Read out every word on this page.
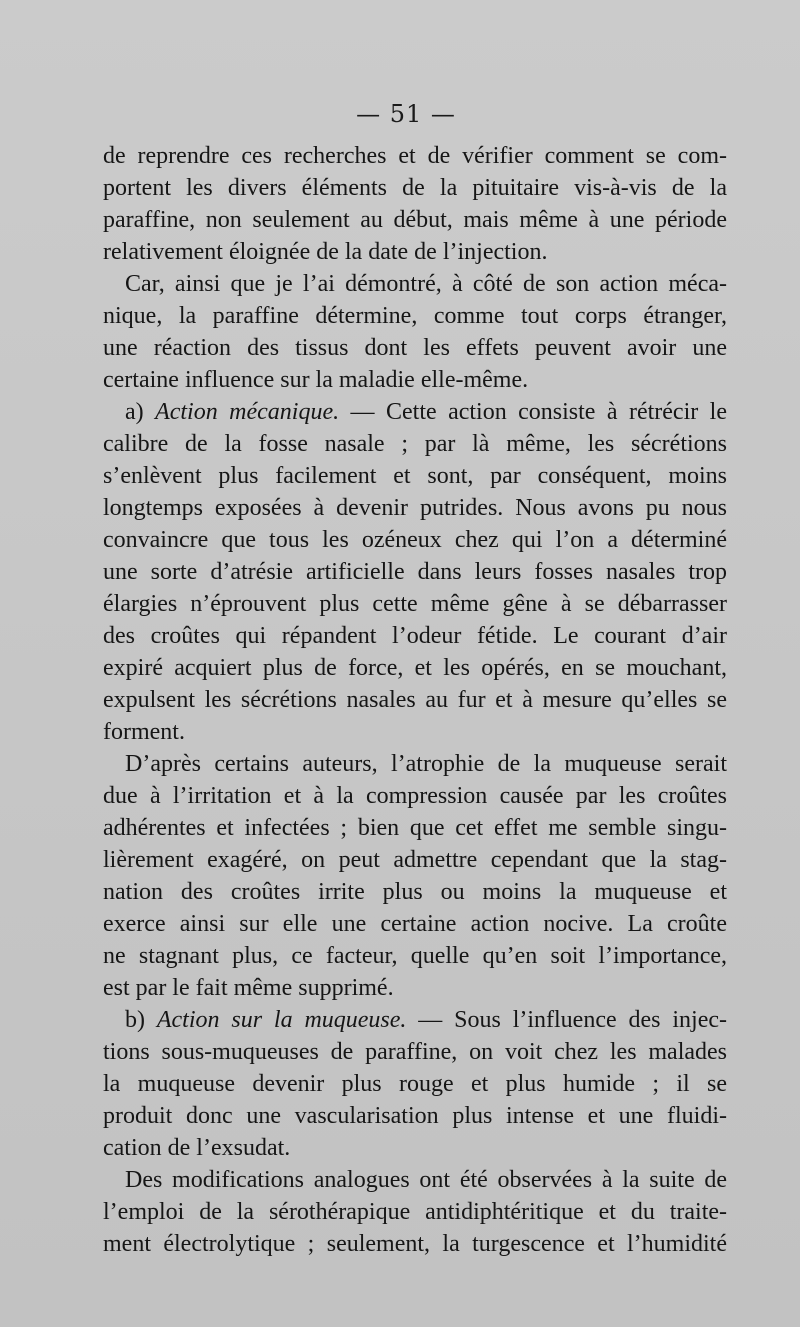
— 51 —
de reprendre ces recherches et de vérifier comment se com-
portent les divers éléments de la pituitaire vis-à-vis de la
paraffine, non seulement au début, mais même à une période
relativement éloignée de la date de l’injection.
Car, ainsi que je l’ai démontré, à côté de son action méca-
nique, la paraffine détermine, comme tout corps étranger,
une réaction des tissus dont les effets peuvent avoir une
certaine influence sur la maladie elle-même.
a) Action mécanique. — Cette action consiste à rétrécir le
calibre de la fosse nasale ; par là même, les sécrétions
s’enlèvent plus facilement et sont, par conséquent, moins
longtemps exposées à devenir putrides. Nous avons pu nous
convaincre que tous les ozéneux chez qui l’on a déterminé
une sorte d’atrésie artificielle dans leurs fosses nasales trop
élargies n’éprouvent plus cette même gêne à se débarrasser
des croûtes qui répandent l’odeur fétide. Le courant d’air
expiré acquiert plus de force, et les opérés, en se mouchant,
expulsent les sécrétions nasales au fur et à mesure qu’elles se
forment.
D’après certains auteurs, l’atrophie de la muqueuse serait
due à l’irritation et à la compression causée par les croûtes
adhérentes et infectées ; bien que cet effet me semble singu-
lièrement exagéré, on peut admettre cependant que la stag-
nation des croûtes irrite plus ou moins la muqueuse et
exerce ainsi sur elle une certaine action nocive. La croûte
ne stagnant plus, ce facteur, quelle qu’en soit l’importance,
est par le fait même supprimé.
b) Action sur la muqueuse. — Sous l’influence des injec-
tions sous-muqueuses de paraffine, on voit chez les malades
la muqueuse devenir plus rouge et plus humide ; il se
produit donc une vascularisation plus intense et une fluidi-
cation de l’exsudat.
Des modifications analogues ont été observées à la suite de
l’emploi de la sérothérapique antidiphtéritique et du traite-
ment électrolytique ; seulement, la turgescence et l’humidité
